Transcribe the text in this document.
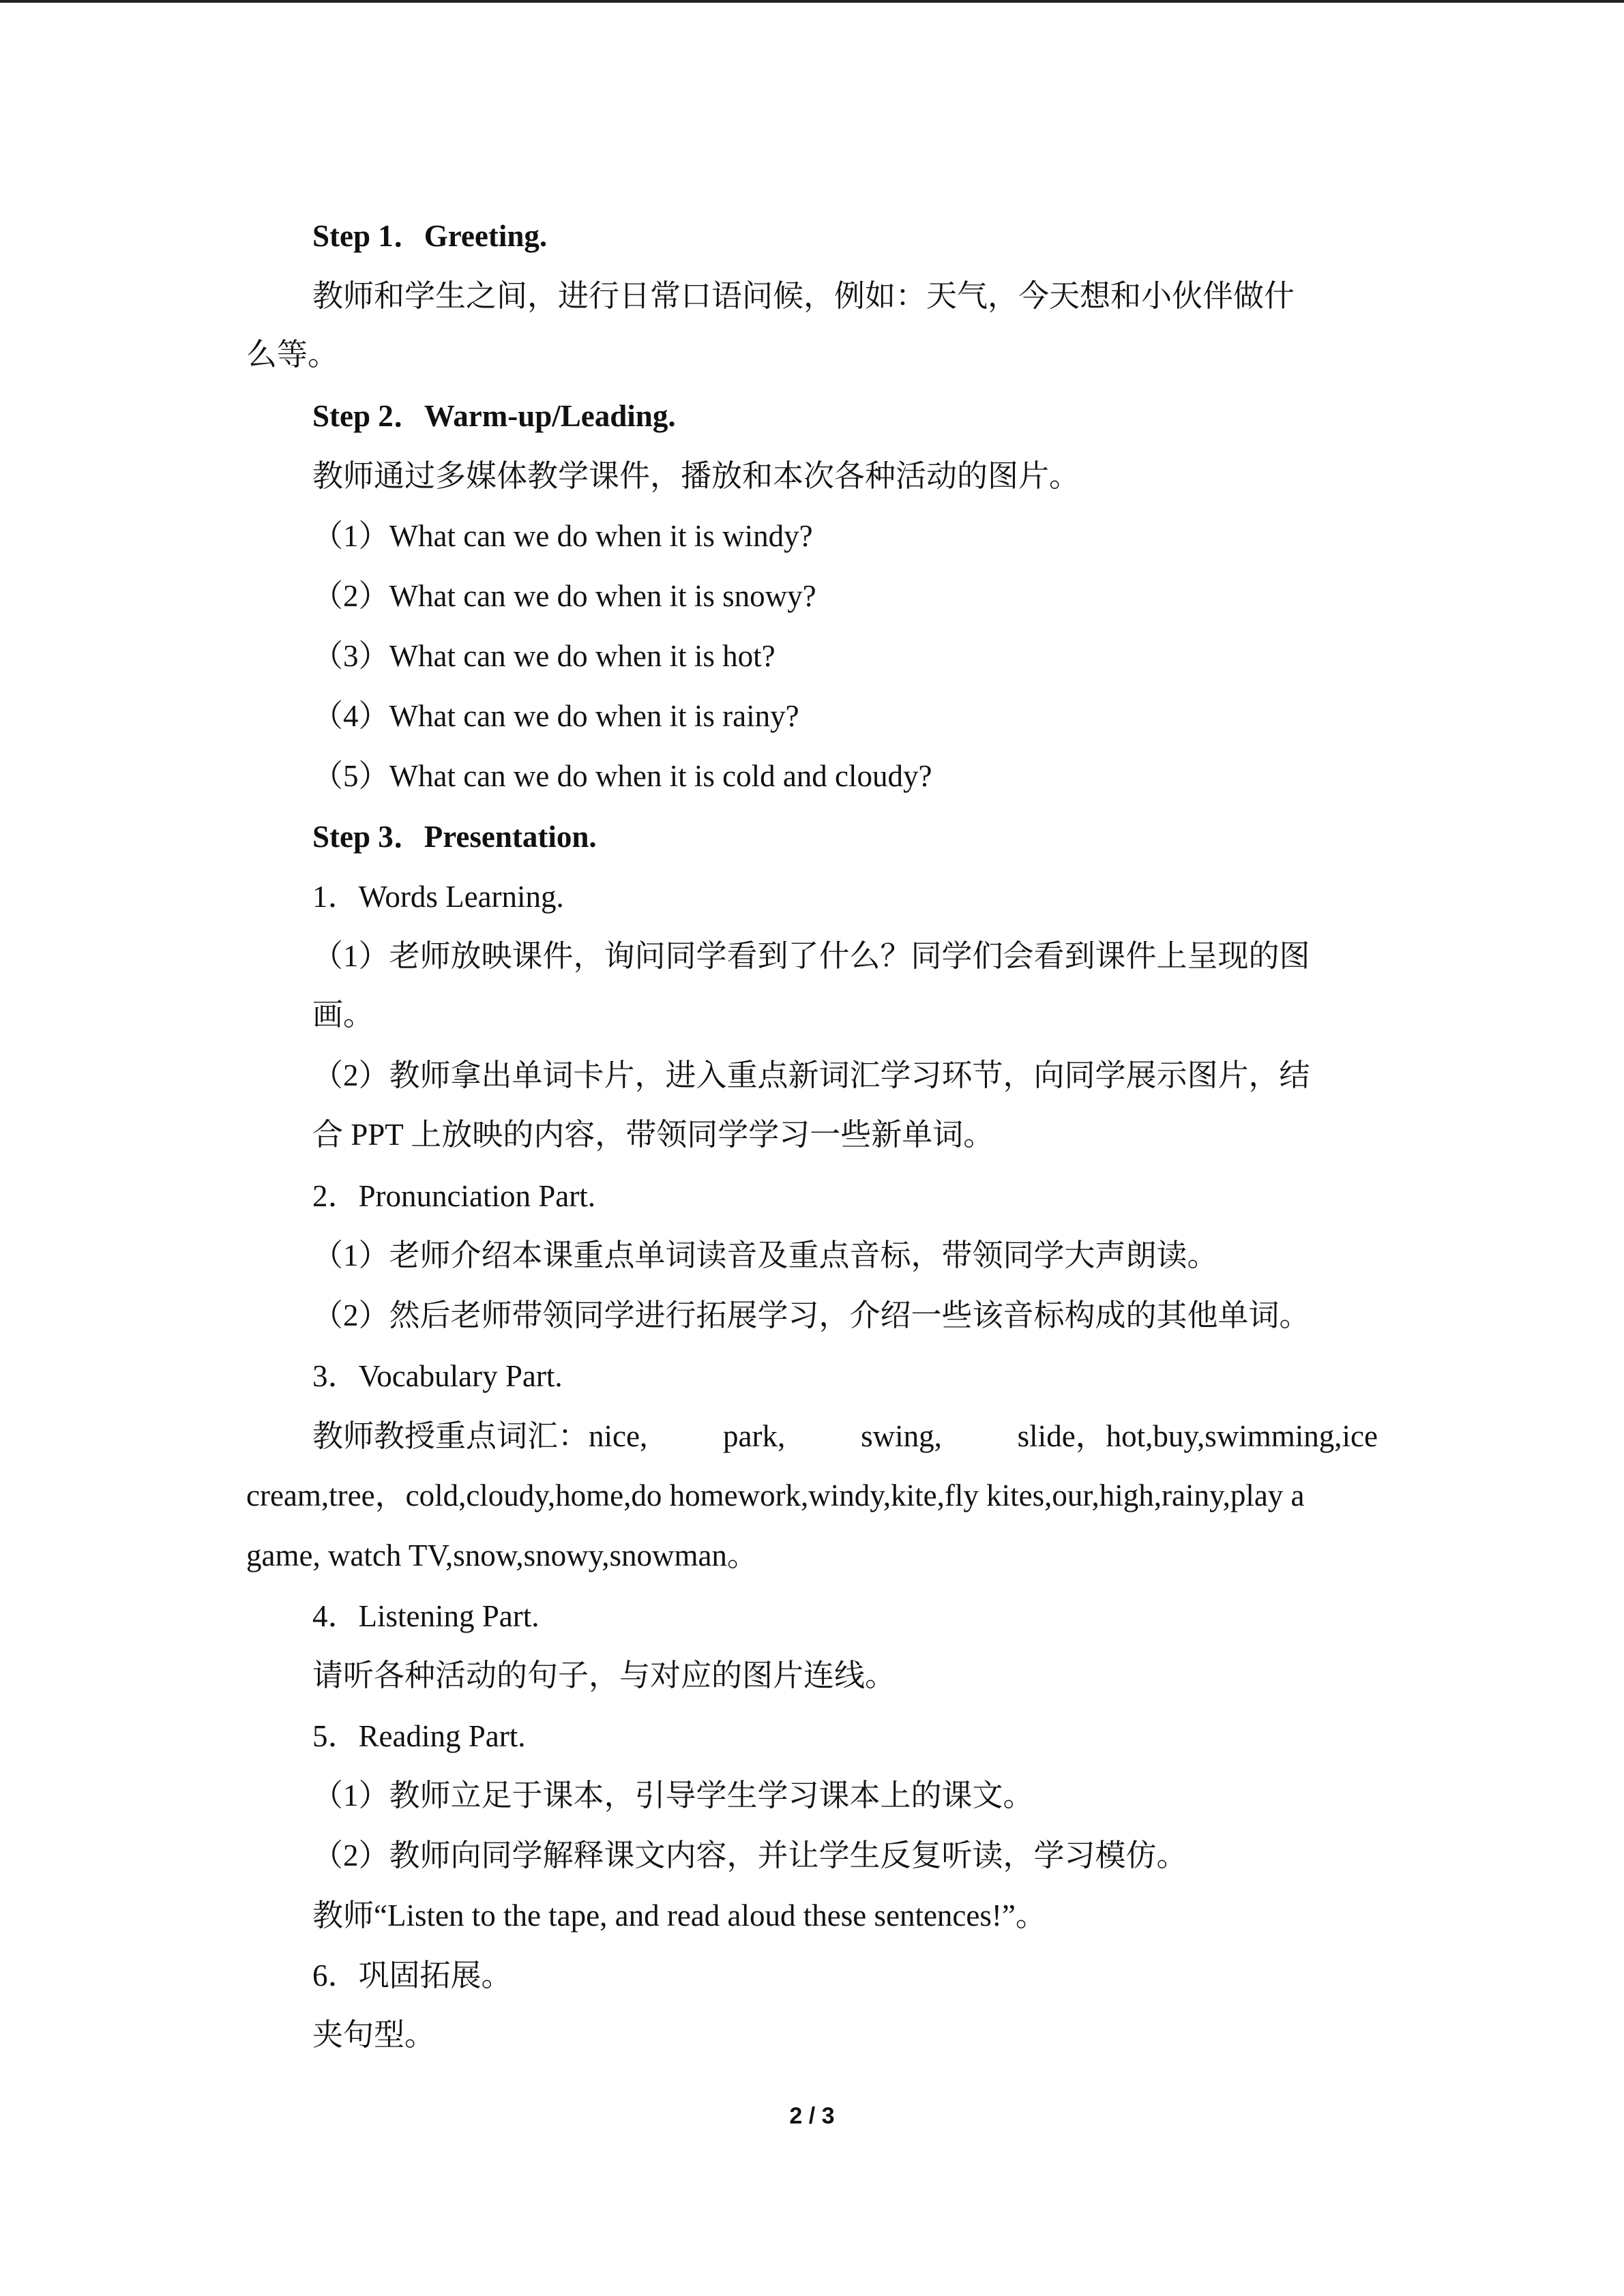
Step 1．Greeting.
教师和学生之间，进行日常口语问候，例如：天气，今天想和小伙伴做什
么等。
Step 2．Warm-up/Leading.
教师通过多媒体教学课件，播放和本次各种活动的图片。
（1）What can we do when it is windy?
（2）What can we do when it is snowy?
（3）What can we do when it is hot?
（4）What can we do when it is rainy?
（5）What can we do when it is cold and cloudy?
Step 3．Presentation.
1．Words Learning.
（1）老师放映课件，询问同学看到了什么？同学们会看到课件上呈现的图
画。
（2）教师拿出单词卡片，进入重点新词汇学习环节，向同学展示图片，结
合 PPT 上放映的内容，带领同学学习一些新单词。
2．Pronunciation Part.
（1）老师介绍本课重点单词读音及重点音标，带领同学大声朗读。
（2）然后老师带领同学进行拓展学习，介绍一些该音标构成的其他单词。
3．Vocabulary Part.
教师教授重点词汇：nice, park, swing, slide，hot,buy,swimming,ice
cream,tree，cold,cloudy,home,do homework,windy,kite,fly kites,our,high,rainy,play a
game, watch TV,snow,snowy,snowman。
4．Listening Part.
请听各种活动的句子，与对应的图片连线。
5．Reading Part.
（1）教师立足于课本，引导学生学习课本上的课文。
（2）教师向同学解释课文内容，并让学生反复听读，学习模仿。
教师“Listen to the tape, and read aloud these sentences!”。
6．巩固拓展。
夹句型。
2 / 3
